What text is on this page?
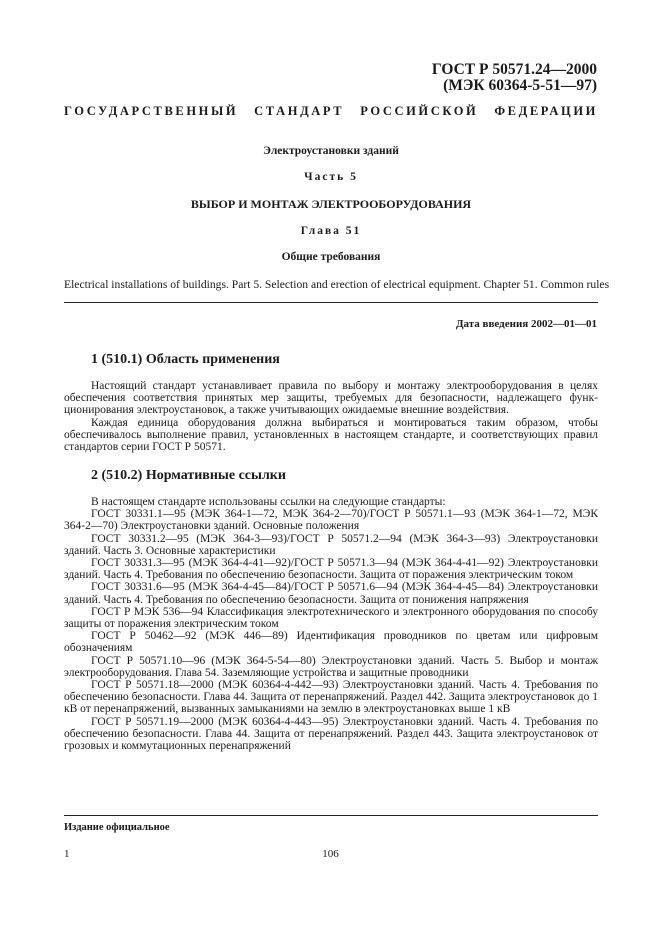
ГОСТ Р 50571.24—2000
(МЭК 60364-5-51—97)
ГОСУДАРСТВЕННЫЙ СТАНДАРТ РОССИЙСКОЙ ФЕДЕРАЦИИ
Электроустановки зданий
Часть 5
ВЫБОР И МОНТАЖ ЭЛЕКТРООБОРУДОВАНИЯ
Глава 51
Общие требования
Electrical installations of buildings. Part 5. Selection and erection of electrical equipment. Chapter 51. Common rules
Дата введения 2002—01—01
1 (510.1) Область применения

Настоящий стандарт устанавливает правила по выбору и монтажу электрооборудования в целях обеспечения соответствия принятых мер защиты, требуемых для безопасности, надлежащего функционирования электроустановок, а также учитывающих ожидаемые внешние воздействия.

Каждая единица оборудования должна выбираться и монтироваться таким образом, чтобы обеспечивалось выполнение правил, установленных в настоящем стандарте, и соответствующих правил стандартов серии ГОСТ Р 50571.

2 (510.2) Нормативные ссылки

В настоящем стандарте использованы ссылки на следующие стандарты:

ГОСТ 30331.1—95 (МЭК 364-1—72, МЭК 364-2—70)/ГОСТ Р 50571.1—93 (МЭК 364-1—72, МЭК 364-2—70) Электроустановки зданий. Основные положения

ГОСТ 30331.2—95 (МЭК 364-3—93)/ГОСТ Р 50571.2—94 (МЭК 364-3—93) Электроустановки зданий. Часть 3. Основные характеристики

ГОСТ 30331.3—95 (МЭК 364-4-41—92)/ГОСТ Р 50571.3—94 (МЭК 364-4-41—92) Электроустановки зданий. Часть 4. Требования по обеспечению безопасности. Защита от поражения электрическим током

ГОСТ 30331.6—95 (МЭК 364-4-45—84)/ГОСТ Р 50571.6—94 (МЭК 364-4-45—84) Электроустановки зданий. Часть 4. Требования по обеспечению безопасности. Защита от понижения напряжения

ГОСТ Р МЭК 536—94 Классификация электротехнического и электронного оборудования по способу защиты от поражения электрическим током

ГОСТ Р 50462—92 (МЭК 446—89) Идентификация проводников по цветам или цифровым обозначениям

ГОСТ Р 50571.10—96 (МЭК 364-5-54—80) Электроустановки зданий. Часть 5. Выбор и монтаж электрооборудования. Глава 54. Заземляющие устройства и защитные проводники

ГОСТ Р 50571.18—2000 (МЭК 60364-4-442—93) Электроустановки зданий. Часть 4. Требования по обеспечению безопасности. Глава 44. Защита от перенапряжений. Раздел 442. Защита электроустановок до 1 кВ от перенапряжений, вызванных замыканиями на землю в электроустановках выше 1 кВ

ГОСТ Р 50571.19—2000 (МЭК 60364-4-443—95) Электроустановки зданий. Часть 4. Требования по обеспечению безопасности. Глава 44. Защита от перенапряжений. Раздел 443. Защита электроустановок от грозовых и коммутационных перенапряжений

Издание официальное
1	106
